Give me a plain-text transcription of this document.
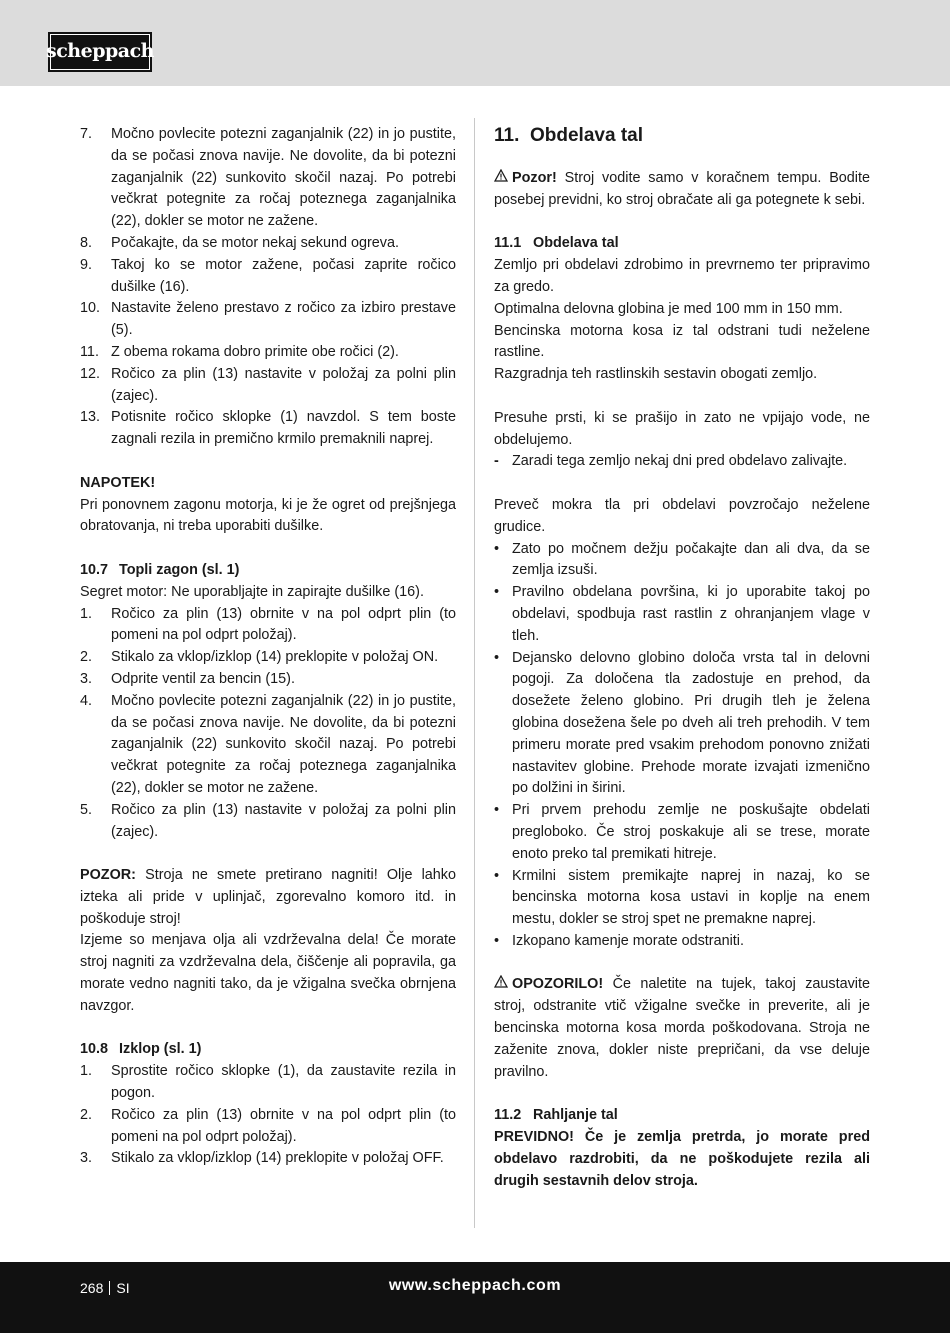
scheppach
7.	Močno povlecite potezni zaganjalnik (22) in jo pustite, da se počasi znova navije. Ne dovolite, da bi potezni zaganjalnik (22) sunkovito skočil nazaj. Po potrebi večkrat potegnite za ročaj poteznega zaganjalnika (22), dokler se motor ne zažene.
8.	Počakajte, da se motor nekaj sekund ogreva.
9.	Takoj ko se motor zažene, počasi zaprite ročico dušilke (16).
10. Nastavite želeno prestavo z ročico za izbiro prestave (5).
11. Z obema rokama dobro primite obe ročici (2).
12. Ročico za plin (13) nastavite v položaj za polni plin (zajec).
13. Potisnite ročico sklopke (1) navzdol. S tem boste zagnali rezila in premično krmilo premaknili naprej.

NAPOTEK!

Pri ponovnem zagonu motorja, ki je že ogret od prejšnjega obratovanja, ni treba uporabiti dušilke.

10.7 Topli zagon (sl. 1)

Segret motor: Ne uporabljajte in zapirajte dušilke (16).

1.	Ročico za plin (13) obrnite v na pol odprt plin (to pomeni na pol odprt položaj).
2.	Stikalo za vklop/izklop (14) preklopite v položaj ON.
3.	Odprite ventil za bencin (15).
4.	Močno povlecite potezni zaganjalnik (22) in jo pustite, da se počasi znova navije. Ne dovolite, da bi potezni zaganjalnik (22) sunkovito skočil nazaj. Po potrebi večkrat potegnite za ročaj poteznega zaganjalnika (22), dokler se motor ne zažene.
5.	Ročico za plin (13) nastavite v položaj za polni plin (zajec).

POZOR: Stroja ne smete pretirano nagniti! Olje lahko izteka ali pride v uplinjač, zgorevalno komoro itd. in poškoduje stroj!

Izjeme so menjava olja ali vzdrževalna dela! Če morate stroj nagniti za vzdrževalna dela, čiščenje ali popravila, ga morate vedno nagniti tako, da je vžigalna svečka obrnjena navzgor.

10.8 Izklop (sl. 1)

1.	Sprostite ročico sklopke (1), da zaustavite rezila in pogon.
2.	Ročico za plin (13) obrnite v na pol odprt plin (to pomeni na pol odprt položaj).
3.	Stikalo za vklop/izklop (14) preklopite v položaj OFF.
11. Obdelava tal

Pozor! Stroj vodite samo v koračnem tempu. Bodite posebej previdni, ko stroj obračate ali ga potegnete k sebi.

11.1 Obdelava tal

Zemljo pri obdelavi zdrobimo in prevrnemo ter pripravimo za gredo.

Optimalna delovna globina je med 100 mm in 150 mm.

Bencinska motorna kosa iz tal odstrani tudi neželene rastline.

Razgradnja teh rastlinskih sestavin obogati zemljo.

Presuhe prsti, ki se prašijo in zato ne vpijajo vode, ne obdelujemo.

- Zaradi tega zemljo nekaj dni pred obdelavo zalivajte.

Preveč mokra tla pri obdelavi povzročajo neželene grudice.

• Zato po močnem dežju počakajte dan ali dva, da se zemlja izsuši.
• Pravilno obdelana površina, ki jo uporabite takoj po obdelavi, spodbuja rast rastlin z ohranjanjem vlage v tleh.
• Dejansko delovno globino določa vrsta tal in delovni pogoji. Za določena tla zadostuje en prehod, da dosežete želeno globino. Pri drugih tleh je želena globina dosežena šele po dveh ali treh prehodih. V tem primeru morate pred vsakim prehodom ponovno znižati nastavitev globine. Prehode morate izvajati izmenično po dolžini in širini.
• Pri prvem prehodu zemlje ne poskušajte obdelati pregloboko. Če stroj poskakuje ali se trese, morate enoto preko tal premikati hitreje.
• Krmilni sistem premikajte naprej in nazaj, ko se bencinska motorna kosa ustavi in koplje na enem mestu, dokler se stroj spet ne premakne naprej.
• Izkopano kamenje morate odstraniti.

OPOZORILO! Če naletite na tujek, takoj zaustavite stroj, odstranite vtič vžigalne svečke in preverite, ali je bencinska motorna kosa morda poškodovana. Stroja ne zaženite znova, dokler niste prepričani, da vse deluje pravilno.

11.2 Rahljanje tal

PREVIDNO! Če je zemlja pretrda, jo morate pred obdelavo razdrobiti, da ne poškodujete rezila ali drugih sestavnih delov stroja.

268 SI	www.scheppach.com
